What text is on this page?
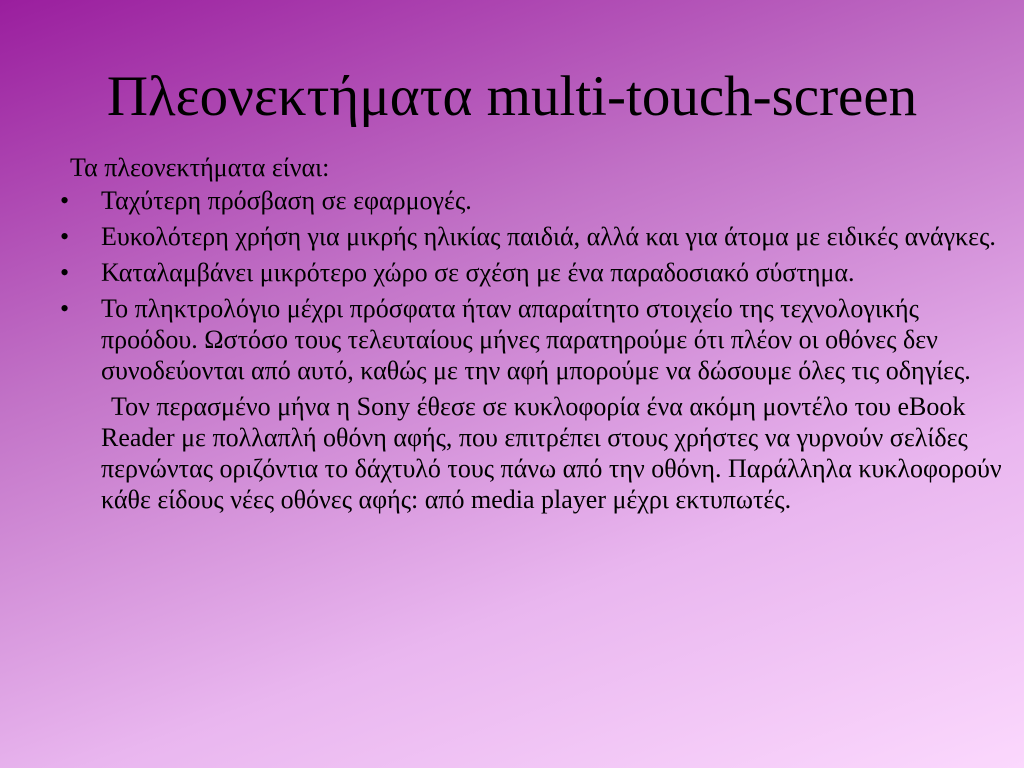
Πλεονεκτήματα multi-touch-screen
Τα πλεονεκτήματα είναι:
• Ταχύτερη πρόσβαση σε εφαρμογές.
• Ευκολότερη χρήση για μικρής ηλικίας παιδιά, αλλά και για άτομα με ειδικές ανάγκες.
• Καταλαμβάνει μικρότερο χώρο σε σχέση με ένα παραδοσιακό σύστημα.
• Το πληκτρολόγιο μέχρι πρόσφατα ήταν απαραίτητο στοιχείο της τεχνολογικής προόδου. Ωστόσο τους τελευταίους μήνες παρατηρούμε ότι πλέον οι οθόνες δεν συνοδεύονται από αυτό, καθώς με την αφή μπορούμε να δώσουμε όλες τις οδηγίες.
Τον περασμένο μήνα η Sony έθεσε σε κυκλοφορία ένα ακόμη μοντέλο του eBook Reader με πολλαπλή οθόνη αφής, που επιτρέπει στους χρήστες να γυρνούν σελίδες περνώντας οριζόντια το δάχτυλό τους πάνω από την οθόνη. Παράλληλα κυκλοφορούν κάθε είδους νέες οθόνες αφής: από media player μέχρι εκτυπωτές.
